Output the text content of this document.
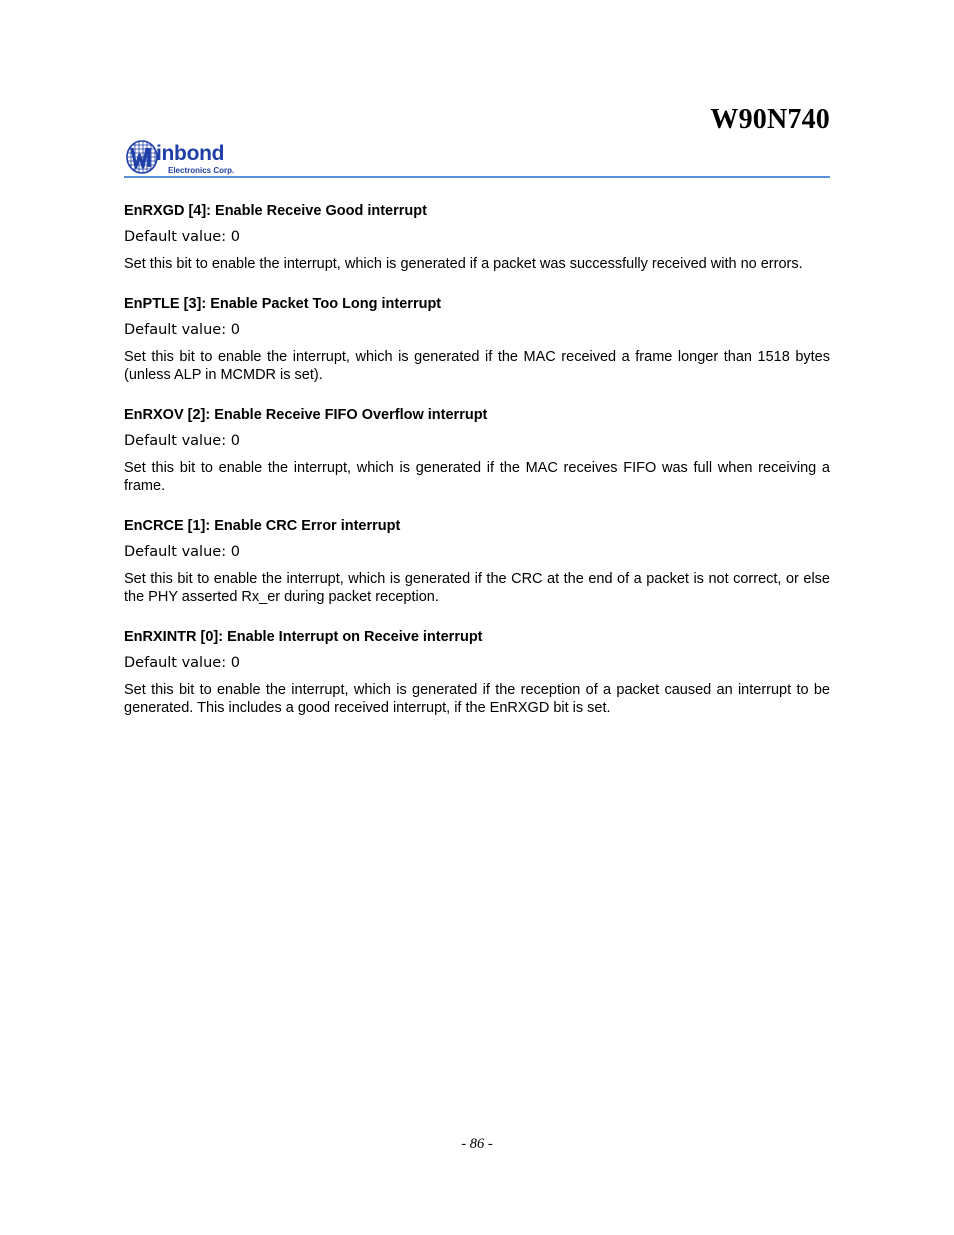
W90N740
inbond
Electronics Corp.

EnRXGD [4]: Enable Receive Good interrupt

Default value: 0

Set this bit to enable the interrupt, which is generated if a packet was successfully received with no errors.

EnPTLE [3]: Enable Packet Too Long interrupt

Default value: 0

Set this bit to enable the interrupt, which is generated if the MAC received a frame longer than 1518 bytes (unless ALP in MCMDR is set).

EnRXOV [2]: Enable Receive FIFO Overflow interrupt

Default value: 0

Set this bit to enable the interrupt, which is generated if the MAC receives FIFO was full when receiving a frame.

EnCRCE [1]: Enable CRC Error interrupt

Default value: 0

Set this bit to enable the interrupt, which is generated if the CRC at the end of a packet is not correct, or else the PHY asserted Rx_er during packet reception.

EnRXINTR [0]: Enable Interrupt on Receive interrupt

Default value: 0

Set this bit to enable the interrupt, which is generated if the reception of a packet caused an interrupt to be generated. This includes a good received interrupt, if the EnRXGD bit is set.

- 86 -
